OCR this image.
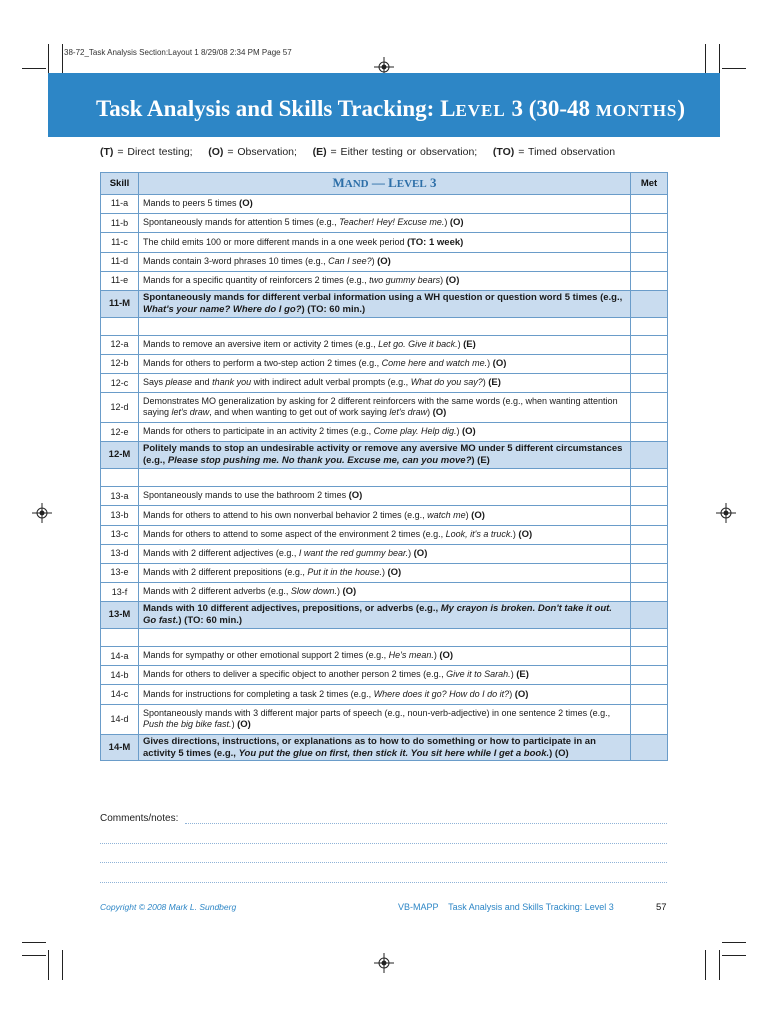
38-72_Task Analysis Section:Layout 1 8/29/08 2:34 PM Page 57
Task Analysis and Skills Tracking: LEVEL 3 (30-48 MONTHS)
(T) = Direct testing; (O) = Observation; (E) = Either testing or observation; (TO) = Timed observation
Skill	MAND — LEVEL 3	Met
11-a	Mands to peers 5 times (O)	
11-b	Spontaneously mands for attention 5 times (e.g., Teacher! Hey! Excuse me.) (O)	
11-c	The child emits 100 or more different mands in a one week period (TO: 1 week)	
11-d	Mands contain 3-word phrases 10 times (e.g., Can I see?) (O)	
11-e	Mands for a specific quantity of reinforcers 2 times (e.g., two gummy bears) (O)	
11-M	Spontaneously mands for different verbal information using a WH question or question word 5 times (e.g., What's your name? Where do I go?) (TO: 60 min.)	

12-a	Mands to remove an aversive item or activity 2 times (e.g., Let go. Give it back.) (E)	
12-b	Mands for others to perform a two-step action 2 times (e.g., Come here and watch me.) (O)	
12-c	Says please and thank you with indirect adult verbal prompts (e.g., What do you say?) (E)	
12-d	Demonstrates MO generalization by asking for 2 different reinforcers with the same words (e.g., when wanting attention saying let's draw, and when wanting to get out of work saying let's draw) (O)	
12-e	Mands for others to participate in an activity 2 times (e.g., Come play. Help dig.) (O)	
12-M	Politely mands to stop an undesirable activity or remove any aversive MO under 5 different circumstances (e.g., Please stop pushing me. No thank you. Excuse me, can you move?) (E)	

13-a	Spontaneously mands to use the bathroom 2 times (O)	
13-b	Mands for others to attend to his own nonverbal behavior 2 times (e.g., watch me) (O)	
13-c	Mands for others to attend to some aspect of the environment 2 times (e.g., Look, it's a truck.) (O)	
13-d	Mands with 2 different adjectives (e.g., I want the red gummy bear.) (O)	
13-e	Mands with 2 different prepositions (e.g., Put it in the house.) (O)	
13-f	Mands with 2 different adverbs (e.g., Slow down.) (O)	
13-M	Mands with 10 different adjectives, prepositions, or adverbs (e.g., My crayon is broken. Don't take it out. Go fast.) (TO: 60 min.)	

14-a	Mands for sympathy or other emotional support 2 times (e.g., He's mean.) (O)	
14-b	Mands for others to deliver a specific object to another person 2 times (e.g., Give it to Sarah.) (E)	
14-c	Mands for instructions for completing a task 2 times (e.g., Where does it go? How do I do it?) (O)	
14-d	Spontaneously mands with 3 different major parts of speech (e.g., noun-verb-adjective) in one sentence 2 times (e.g., Push the big bike fast.) (O)	
14-M	Gives directions, instructions, or explanations as to how to do something or how to participate in an activity 5 times (e.g., You put the glue on first, then stick it. You sit here while I get a book.) (O)	
Comments/notes:
Copyright © 2008 Mark L. Sundberg	VB-MAPP    Task Analysis and Skills Tracking: Level 3	57
